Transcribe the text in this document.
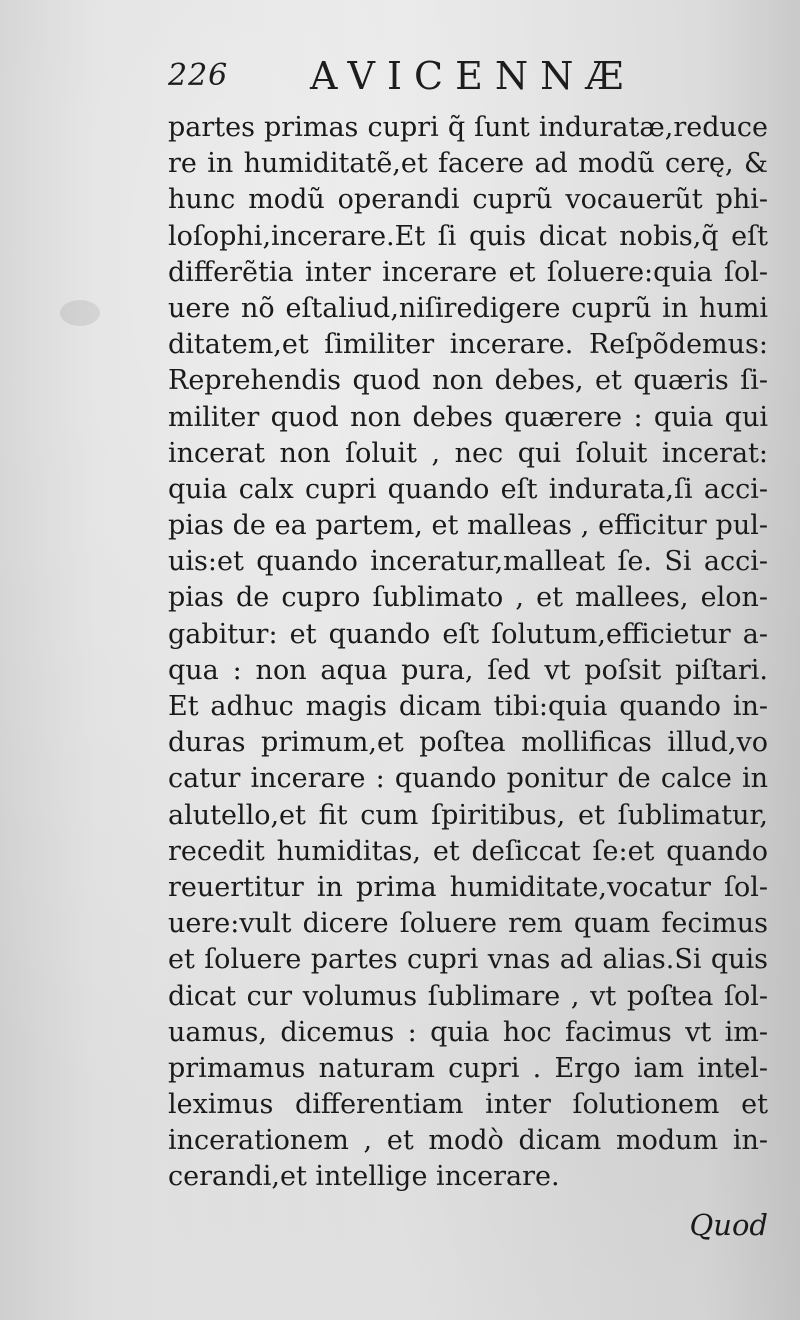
226 AVICENNÆ
partes primas cupri q̃ ſunt induratæ,reduce
re in humiditatẽ,et facere ad modũ cerę, &
hunc modũ operandi cuprũ vocauerũt phi-
loſophi,incerare.Et ſi quis dicat nobis,q̃ eſt
differẽtia inter incerare et ſoluere:quia ſol-
uere nõ eſtaliud,niſiredigere cuprũ in humi
ditatem,et ſimiliter incerare. Reſpõdemus:
Reprehendis quod non debes, et quæris ſi-
militer quod non debes quærere : quia qui
incerat non ſoluit , nec qui ſoluit incerat:
quia calx cupri quando eſt indurata,ſi acci-
pias de ea partem, et malleas , efficitur pul-
uis:et quando inceratur,malleat ſe. Si acci-
pias de cupro ſublimato , et mallees, elon-
gabitur: et quando eſt ſolutum,efficietur a-
qua : non aqua pura, ſed vt poſsit piſtari.
Et adhuc magis dicam tibi:quia quando in-
duras primum,et poſtea mollificas illud,vo
catur incerare : quando ponitur de calce in
alutello,et fit cum ſpiritibus, et ſublimatur,
recedit humiditas, et deſiccat ſe:et quando
reuertitur in prima humiditate,vocatur ſol-
uere:vult dicere ſoluere rem quam fecimus
et ſoluere partes cupri vnas ad alias.Si quis
dicat cur volumus ſublimare , vt poſtea ſol-
uamus, dicemus : quia hoc facimus vt im-
primamus naturam cupri . Ergo iam intel-
leximus differentiam inter ſolutionem et
incerationem , et modò dicam modum in-
cerandi,et intellige incerare.
Quod
